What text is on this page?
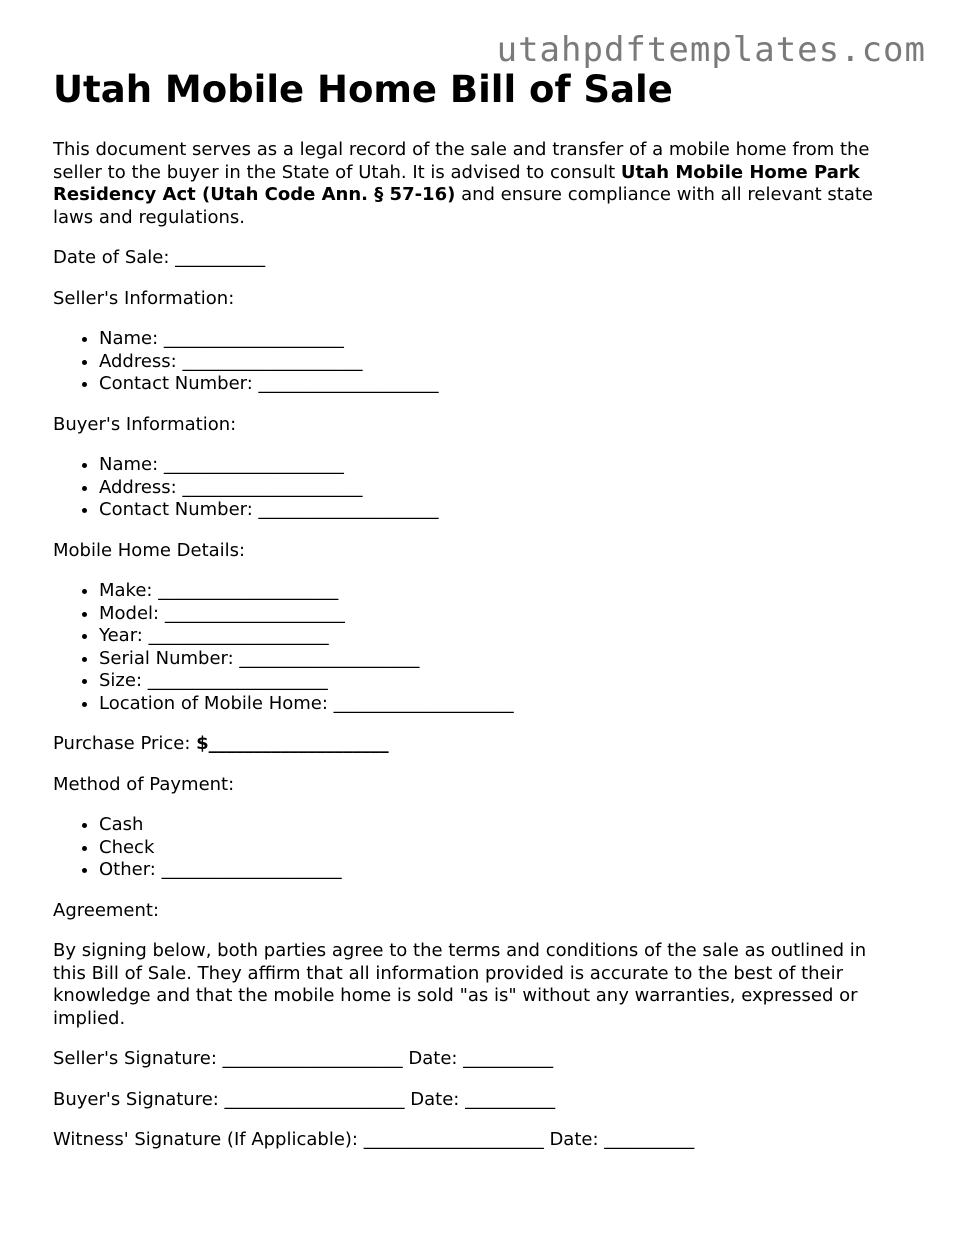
utahpdftemplates.com
Utah Mobile Home Bill of Sale

This document serves as a legal record of the sale and transfer of a mobile home from the seller to the buyer in the State of Utah. It is advised to consult Utah Mobile Home Park Residency Act (Utah Code Ann. § 57-16) and ensure compliance with all relevant state laws and regulations.

Date of Sale: __________

Seller's Information:

• Name: ____________________
• Address: ____________________
• Contact Number: ____________________

Buyer's Information:

• Name: ____________________
• Address: ____________________
• Contact Number: ____________________

Mobile Home Details:

• Make: ____________________
• Model: ____________________
• Year: ____________________
• Serial Number: ____________________
• Size: ____________________
• Location of Mobile Home: ____________________

Purchase Price: $____________________

Method of Payment:

• Cash
• Check
• Other: ____________________

Agreement:

By signing below, both parties agree to the terms and conditions of the sale as outlined in this Bill of Sale. They affirm that all information provided is accurate to the best of their knowledge and that the mobile home is sold "as is" without any warranties, expressed or implied.

Seller's Signature: ____________________ Date: __________

Buyer's Signature: ____________________ Date: __________

Witness' Signature (If Applicable): ____________________ Date: __________
